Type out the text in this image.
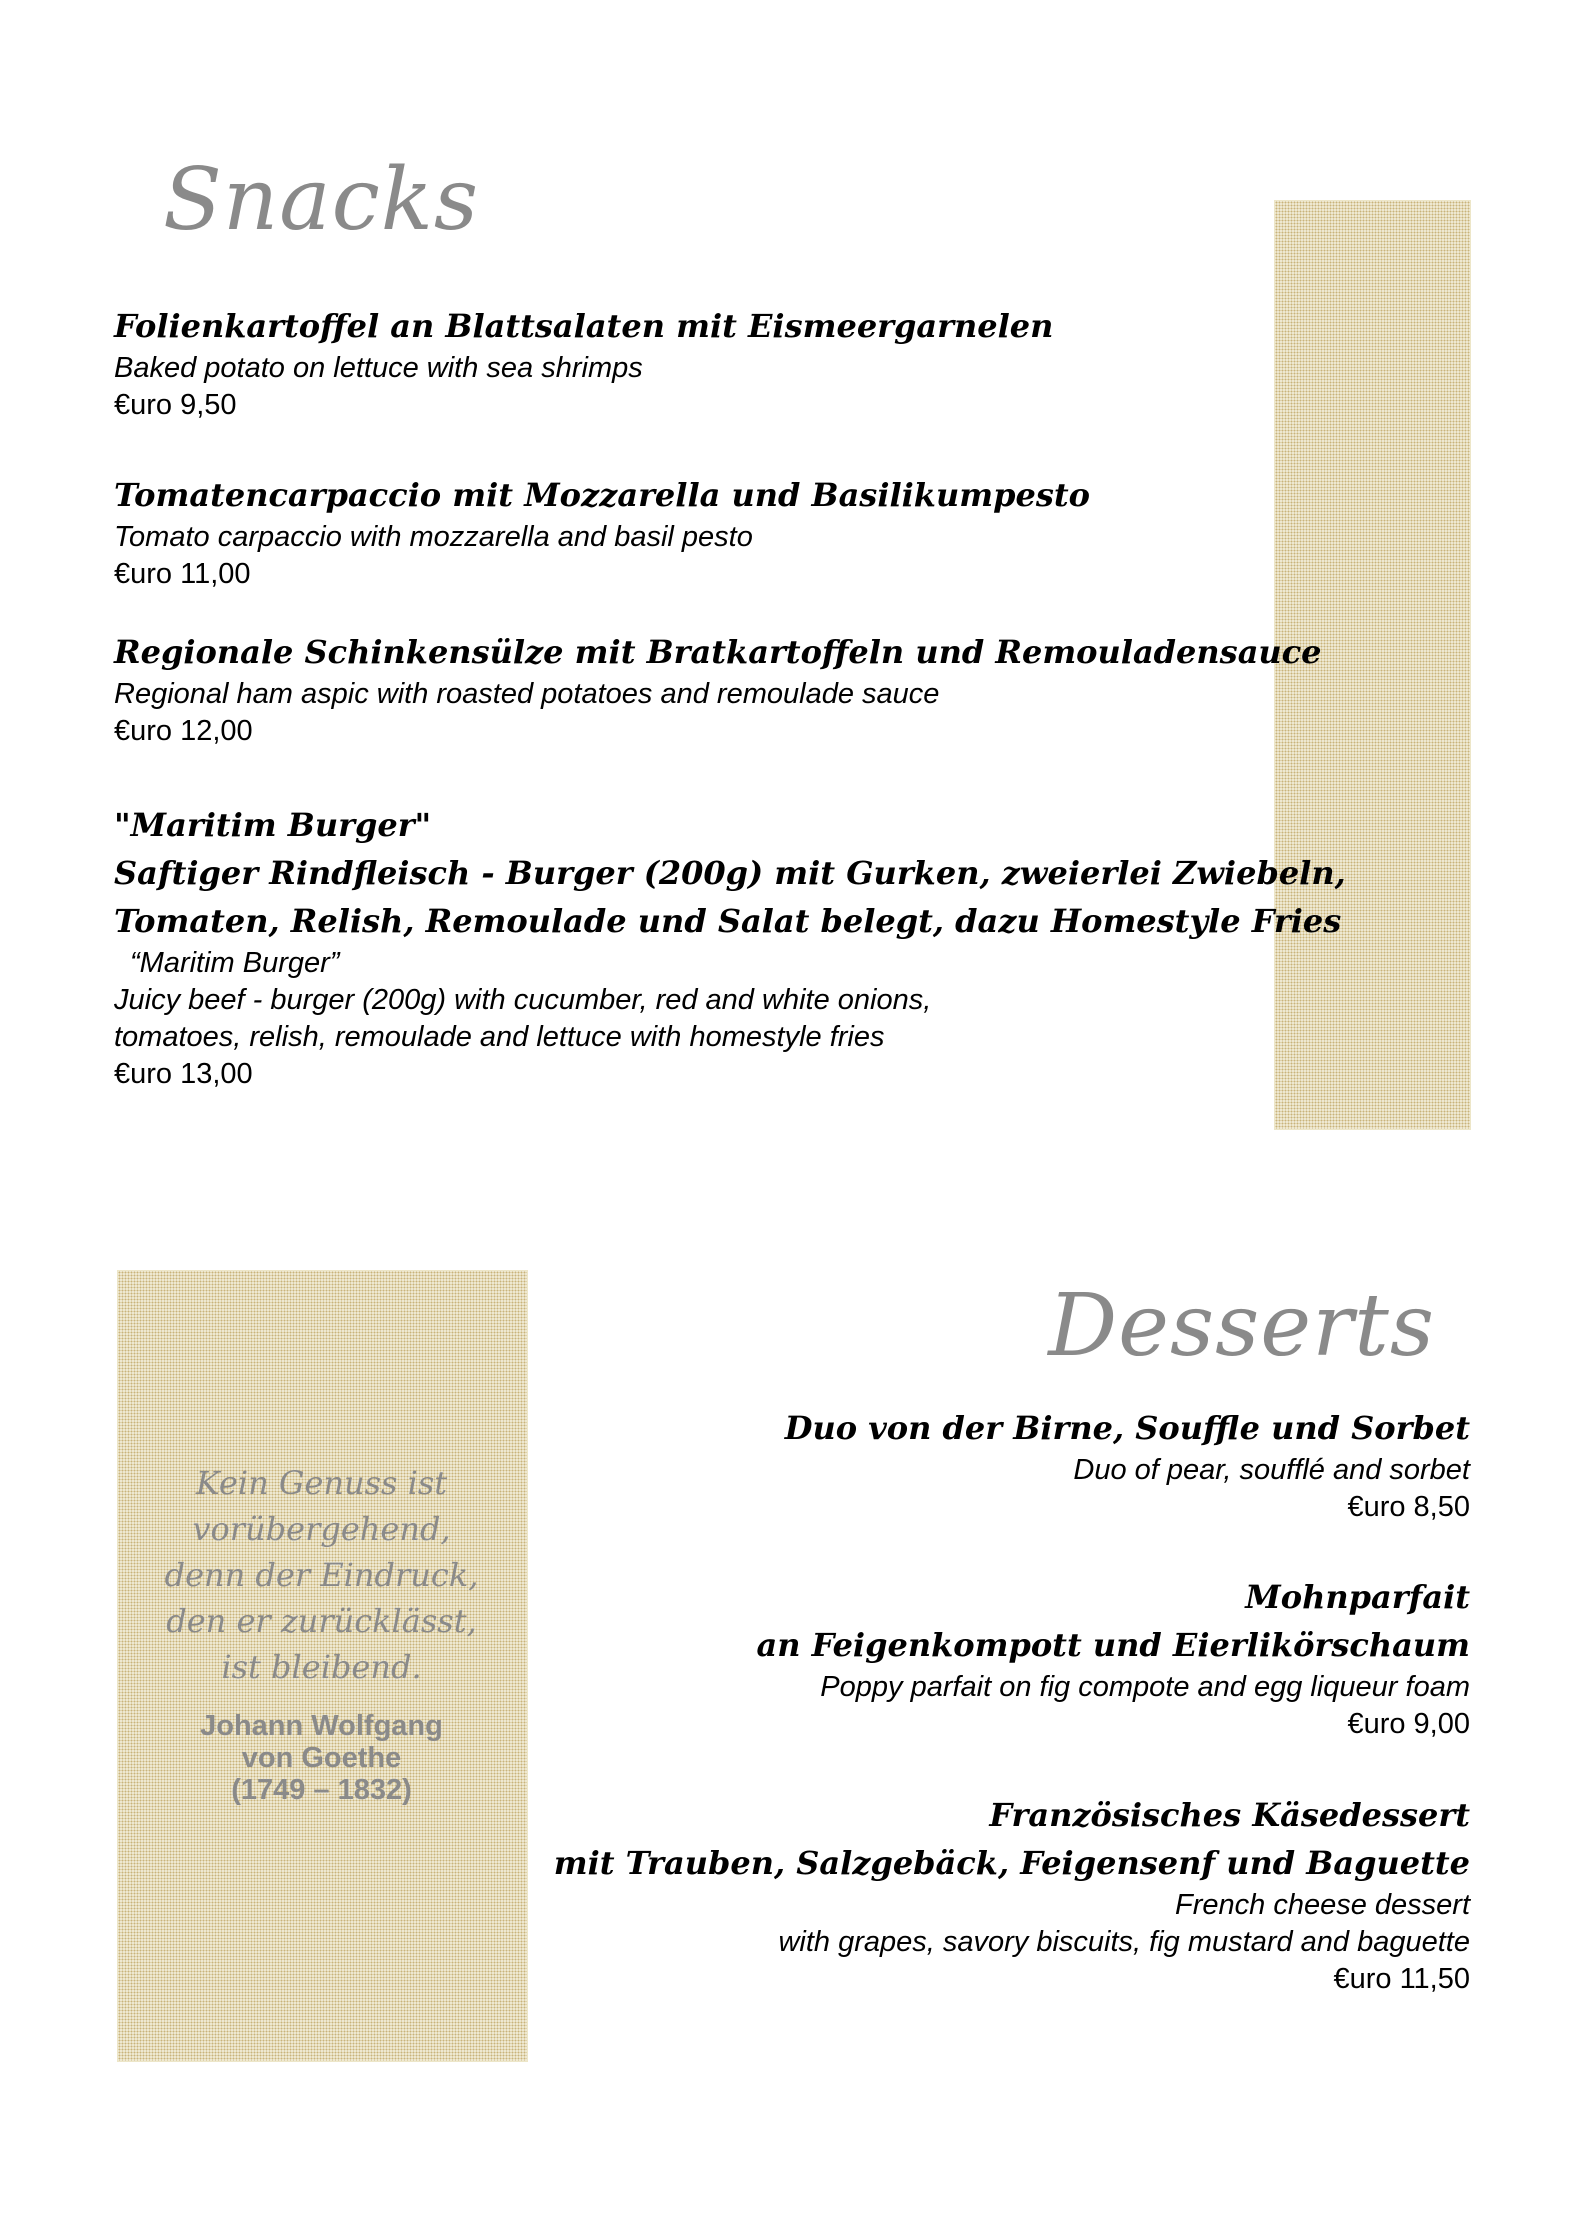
Snacks
Folienkartoffel an Blattsalaten mit Eismeergarnelen
Baked potato on lettuce with sea shrimps
€uro 9,50
Tomatencarpaccio mit Mozzarella und Basilikumpesto
Tomato carpaccio with mozzarella and basil pesto
€uro 11,00
Regionale Schinkensülze mit Bratkartoffeln und Remouladensauce
Regional ham aspic with roasted potatoes and remoulade sauce
€uro 12,00
"Maritim Burger"
Saftiger Rindfleisch - Burger (200g) mit Gurken, zweierlei Zwiebeln,
Tomaten, Relish, Remoulade und Salat belegt, dazu Homestyle Fries
“Maritim Burger”
Juicy beef - burger (200g) with cucumber, red and white onions,
tomatoes, relish, remoulade and lettuce with homestyle fries
€uro 13,00
Desserts
Duo von der Birne, Souffle und Sorbet
Duo of pear, soufflé and sorbet
€uro 8,50
Mohnparfait
an Feigenkompott und Eierlikörschaum
Poppy parfait on fig compote and egg liqueur foam
€uro 9,00
Französisches Käsedessert
mit Trauben, Salzgebäck, Feigensenf und Baguette
French cheese dessert
with grapes, savory biscuits, fig mustard and baguette
€uro 11,50
Kein Genuss ist
vorübergehend,
denn der Eindruck,
den er zurücklässt,
ist bleibend.
Johann Wolfgang
von Goethe
(1749 – 1832)
